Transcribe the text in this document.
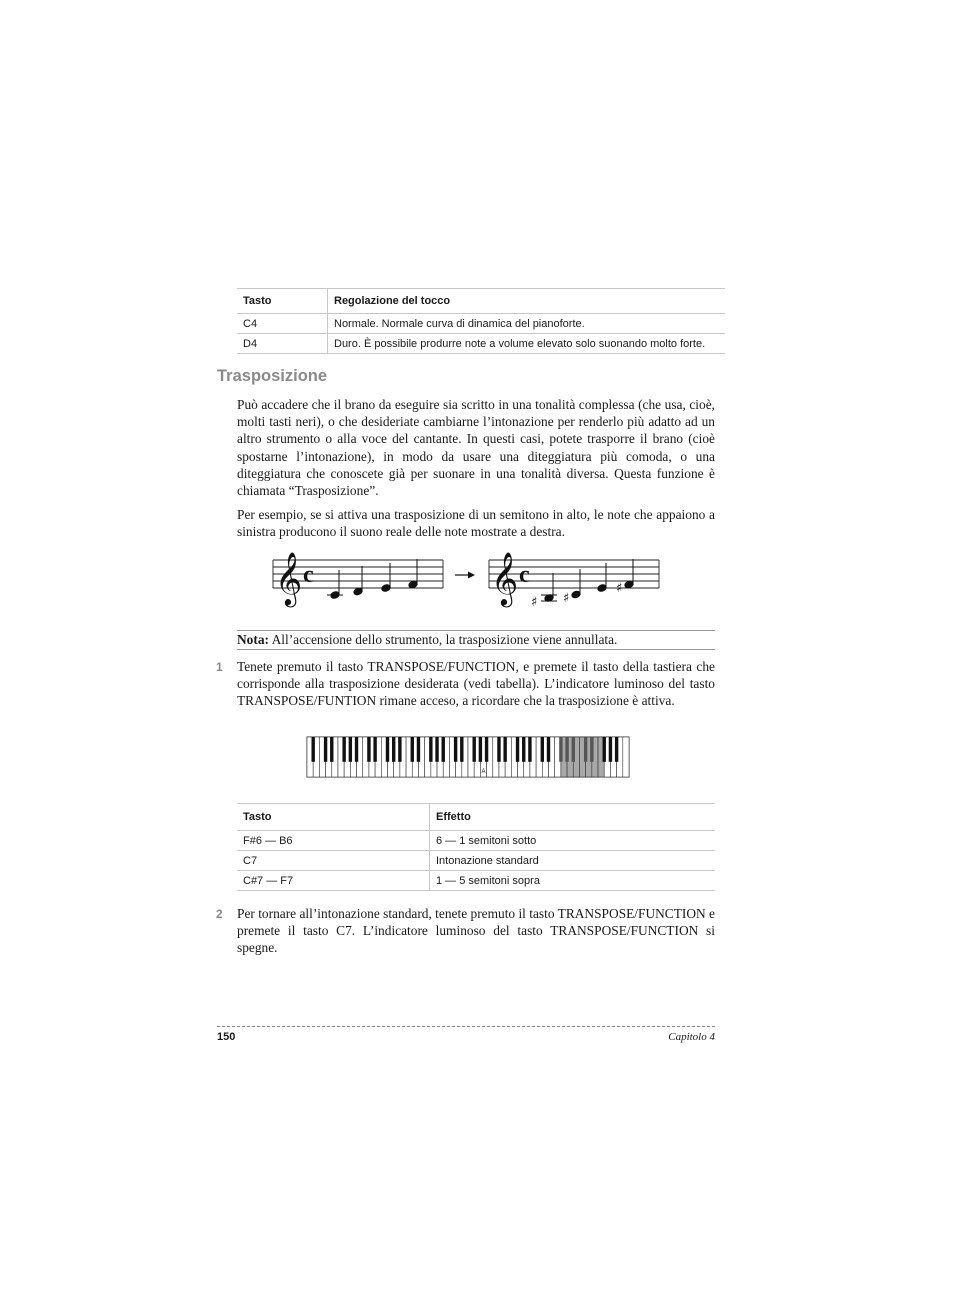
Tasto	Regolazione del tocco
C4	Normale. Normale curva di dinamica del pianoforte.
D4	Duro. È possibile produrre note a volume elevato solo suonando molto forte.
Trasposizione

Può accadere che il brano da eseguire sia scritto in una tonalità complessa (che usa, cioè, molti tasti neri), o che desideriate cambiarne l’intonazione per renderlo più adatto ad un altro strumento o alla voce del cantante. In questi casi, potete trasporre il brano (cioè spostarne l’intonazione), in modo da usare una diteggiatura più comoda, o una diteggiatura che conoscete già per suonare in una tonalità diversa. Questa funzione è chiamata “Trasposizione”.

Per esempio, se si attiva una trasposizione di un semitono in alto, le note che appaiono a sinistra producono il suono reale delle note mostrate a destra.

𝄞 c	𝄞 c
♯ ♯
♯
Nota: All’accensione dello strumento, la trasposizione viene annullata.
1 Tenete premuto il tasto TRANSPOSE/FUNCTION, e premete il tasto della tastiera che corrisponde alla trasposizione desiderata (vedi tabella). L’indicatore luminoso del tasto TRANSPOSE/FUNTION rimane acceso, a ricordare che la trasposizione è attiva.

A
Tasto	Effetto
F#6 — B6	6 — 1 semitoni sotto
C7	Intonazione standard
C#7 — F7	1 — 5 semitoni sopra
2 Per tornare all’intonazione standard, tenete premuto il tasto TRANSPOSE/FUNCTION e premete il tasto C7. L’indicatore luminoso del tasto TRANSPOSE/FUNCTION si spegne.

150	Capitolo 4
